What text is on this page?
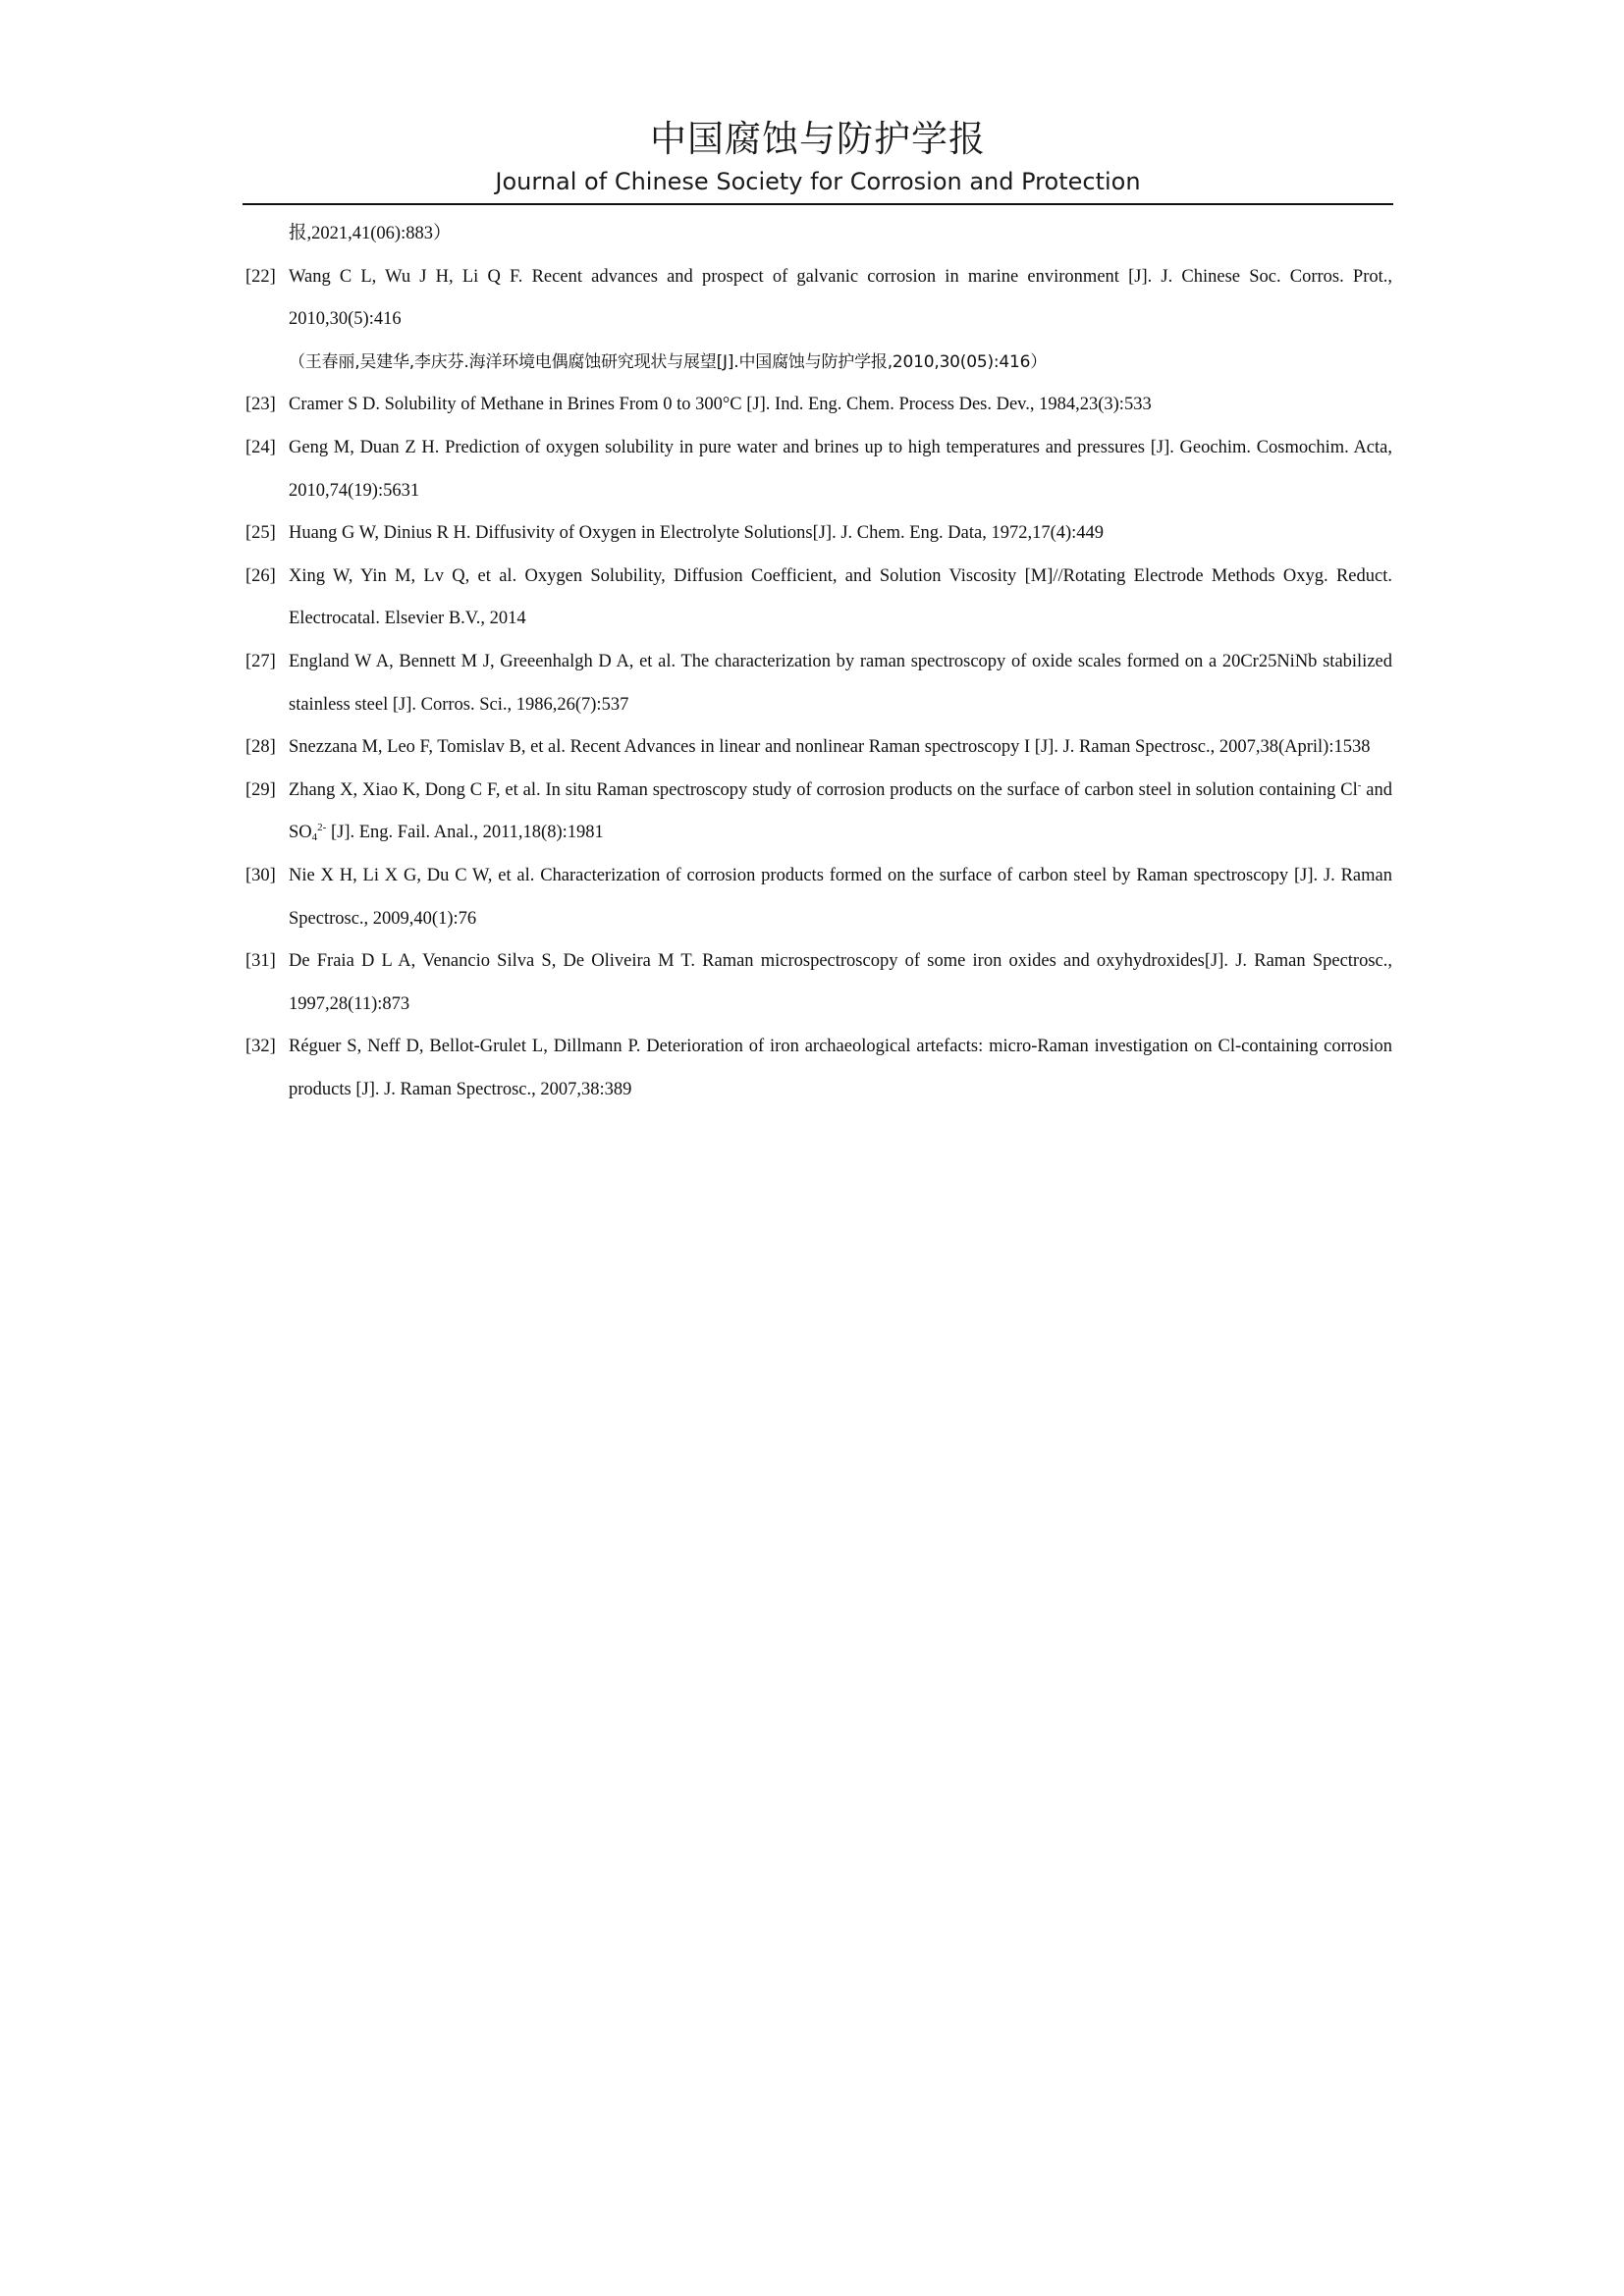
中国腐蚀与防护学报
Journal of Chinese Society for Corrosion and Protection
报,2021,41(06):883）
[22] Wang C L, Wu J H, Li Q F. Recent advances and prospect of galvanic corrosion in marine environment [J]. J. Chinese Soc. Corros. Prot., 2010,30(5):416
（王春丽,吴建华,李庆芬.海洋环境电偶腐蚀研究现状与展望[J].中国腐蚀与防护学报,2010,30(05):416）
[23] Cramer S D. Solubility of Methane in Brines From 0 to 300°C [J]. Ind. Eng. Chem. Process Des. Dev., 1984,23(3):533
[24] Geng M, Duan Z H. Prediction of oxygen solubility in pure water and brines up to high temperatures and pressures [J]. Geochim. Cosmochim. Acta, 2010,74(19):5631
[25] Huang G W, Dinius R H. Diffusivity of Oxygen in Electrolyte Solutions[J]. J. Chem. Eng. Data, 1972,17(4):449
[26] Xing W, Yin M, Lv Q, et al. Oxygen Solubility, Diffusion Coefficient, and Solution Viscosity [M]//Rotating Electrode Methods Oxyg. Reduct. Electrocatal. Elsevier B.V., 2014
[27] England W A, Bennett M J, Greeenhalgh D A, et al. The characterization by raman spectroscopy of oxide scales formed on a 20Cr25NiNb stabilized stainless steel [J]. Corros. Sci., 1986,26(7):537
[28] Snezzana M, Leo F, Tomislav B, et al. Recent Advances in linear and nonlinear Raman spectroscopy I [J]. J. Raman Spectrosc., 2007,38(April):1538
[29] Zhang X, Xiao K, Dong C F, et al. In situ Raman spectroscopy study of corrosion products on the surface of carbon steel in solution containing Cl- and $SO_4^{2-}$ [J]. Eng. Fail. Anal., 2011,18(8):1981
[30] Nie X H, Li X G, Du C W, et al. Characterization of corrosion products formed on the surface of carbon steel by Raman spectroscopy [J]. J. Raman Spectrosc., 2009,40(1):76
[31] De Fraia D L A, Venancio Silva S, De Oliveira M T. Raman microspectroscopy of some iron oxides and oxyhydroxides[J]. J. Raman Spectrosc., 1997,28(11):873
[32] Réguer S, Neff D, Bellot-Grulet L, Dillmann P. Deterioration of iron archaeological artefacts: micro-Raman investigation on Cl-containing corrosion products [J]. J. Raman Spectrosc., 2007,38:389
